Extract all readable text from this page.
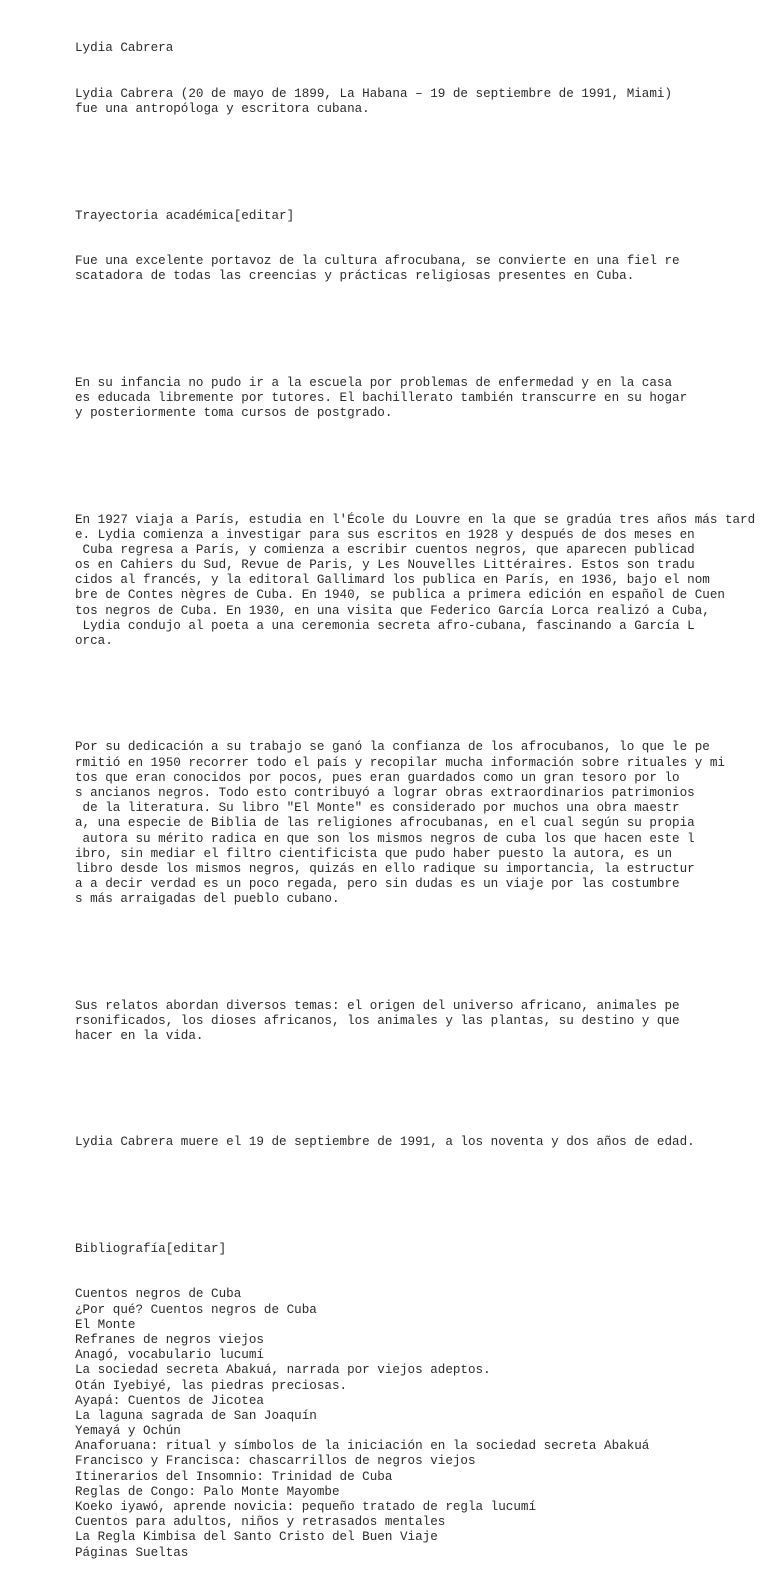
Lydia Cabrera

Lydia Cabrera (20 de mayo de 1899, La Habana – 19 de septiembre de 1991, Miami)
fue una antropóloga y escritora cubana.

Trayectoria académica[editar]

Fue una excelente portavoz de la cultura afrocubana, se convierte en una fiel re
scatadora de todas las creencias y prácticas religiosas presentes en Cuba.

En su infancia no pudo ir a la escuela por problemas de enfermedad y en la casa
es educada libremente por tutores. El bachillerato también transcurre en su hogar
y posteriormente toma cursos de postgrado.

En 1927 viaja a París, estudia en l'École du Louvre en la que se gradúa tres años más tard
e. Lydia comienza a investigar para sus escritos en 1928 y después de dos meses en
Cuba regresa a París, y comienza a escribir cuentos negros, que aparecen publicad
os en Cahiers du Sud, Revue de Paris, y Les Nouvelles Littéraires. Estos son tradu
cidos al francés, y la editoral Gallimard los publica en París, en 1936, bajo el nom
bre de Contes nègres de Cuba. En 1940, se publica a primera edición en español de Cuen
tos negros de Cuba. En 1930, en una visita que Federico García Lorca realizó a Cuba,
Lydia condujo al poeta a una ceremonia secreta afro-cubana, fascinando a García L
orca.

Por su dedicación a su trabajo se ganó la confianza de los afrocubanos, lo que le pe
rmitió en 1950 recorrer todo el país y recopilar mucha información sobre rituales y mi
tos que eran conocidos por pocos, pues eran guardados como un gran tesoro por lo
s ancianos negros. Todo esto contribuyó a lograr obras extraordinarios patrimonios
de la literatura. Su libro "El Monte" es considerado por muchos una obra maestr
a, una especie de Biblia de las religiones afrocubanas, en el cual según su propia
autora su mérito radica en que son los mismos negros de cuba los que hacen este l
ibro, sin mediar el filtro cientificista que pudo haber puesto la autora, es un
libro desde los mismos negros, quizás en ello radique su importancia, la estructur
a a decir verdad es un poco regada, pero sin dudas es un viaje por las costumbre
s más arraigadas del pueblo cubano.

Sus relatos abordan diversos temas: el origen del universo africano, animales pe
rsonificados, los dioses africanos, los animales y las plantas, su destino y que
hacer en la vida.

Lydia Cabrera muere el 19 de septiembre de 1991, a los noventa y dos años de edad.

Bibliografía[editar]

Cuentos negros de Cuba
¿Por qué? Cuentos negros de Cuba
El Monte
Refranes de negros viejos
Anagó, vocabulario lucumí
La sociedad secreta Abakuá, narrada por viejos adeptos.
Otán Iyebiyé, las piedras preciosas.
Ayapá: Cuentos de Jicotea
La laguna sagrada de San Joaquín
Yemayá y Ochún
Anaforuana: ritual y símbolos de la iniciación en la sociedad secreta Abakuá
Francisco y Francisca: chascarrillos de negros viejos
Itinerarios del Insomnio: Trinidad de Cuba
Reglas de Congo: Palo Monte Mayombe
Koeko iyawó, aprende novicia: pequeño tratado de regla lucumí
Cuentos para adultos, niños y retrasados mentales
La Regla Kimbisa del Santo Cristo del Buen Viaje
Páginas Sueltas
